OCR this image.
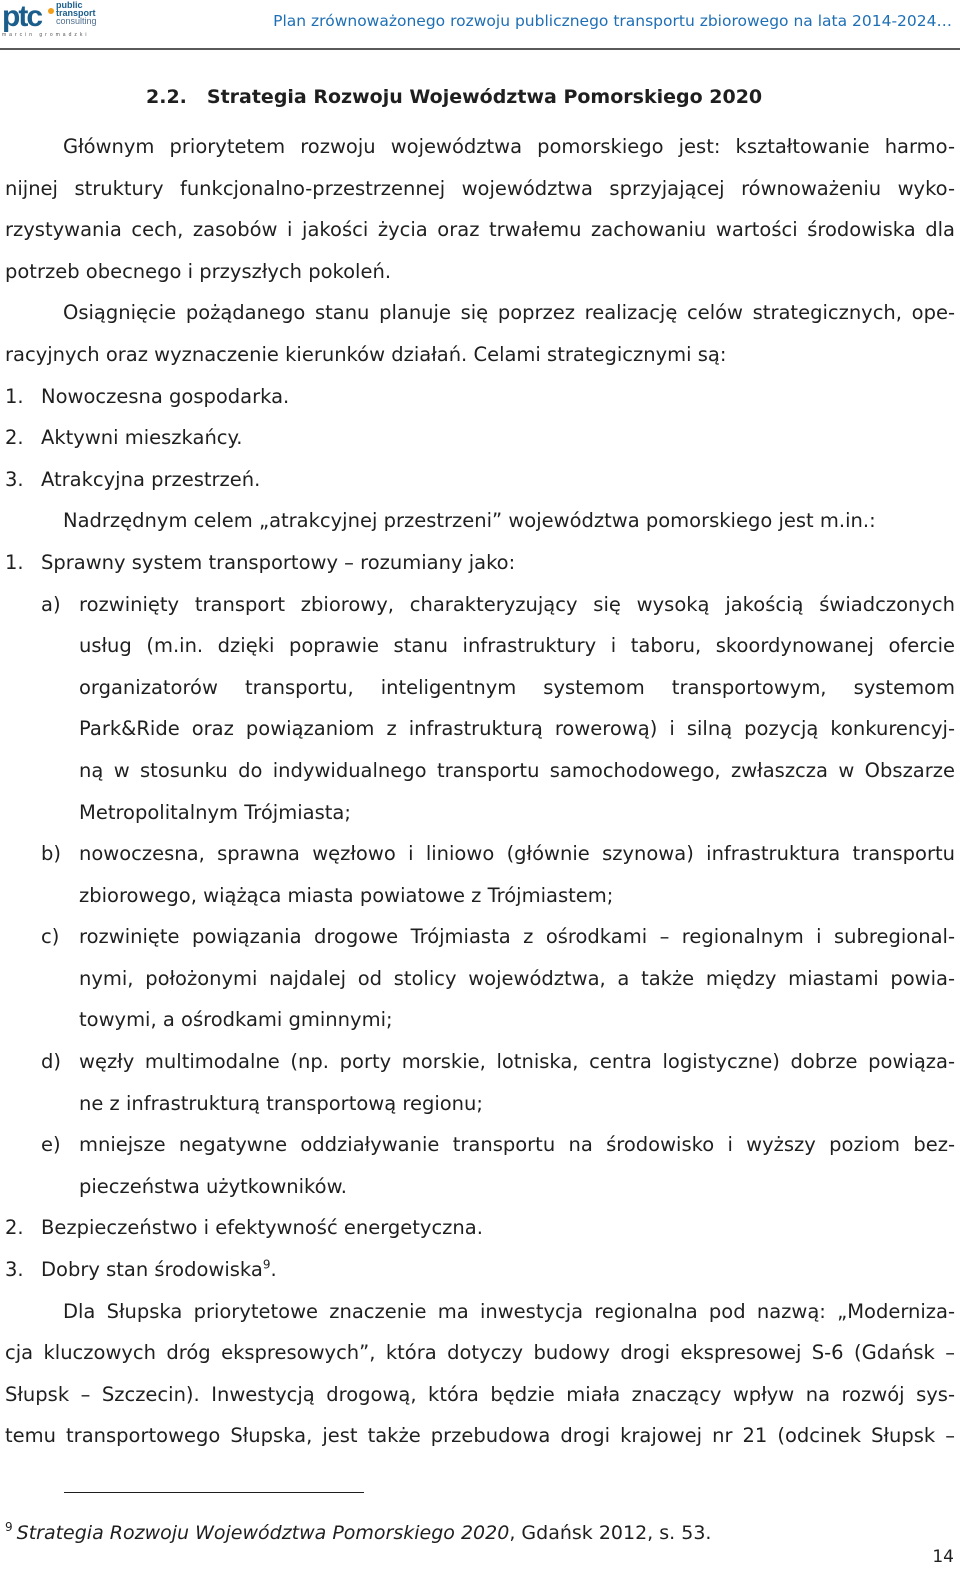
ptc public
transport
consulting
marcin gromadzki
Plan zrównoważonego rozwoju publicznego transportu zbiorowego na lata 2014-2024…
2.2. Strategia Rozwoju Województwa Pomorskiego 2020
Głównym priorytetem rozwoju województwa pomorskiego jest: kształtowanie harmo-
nijnej struktury funkcjonalno-przestrzennej województwa sprzyjającej równoważeniu wyko-
rzystywania cech, zasobów i jakości życia oraz trwałemu zachowaniu wartości środowiska dla
potrzeb obecnego i przyszłych pokoleń.
Osiągnięcie pożądanego stanu planuje się poprzez realizację celów strategicznych, ope-
racyjnych oraz wyznaczenie kierunków działań. Celami strategicznymi są:
1. Nowoczesna gospodarka.
2. Aktywni mieszkańcy.
3. Atrakcyjna przestrzeń.
Nadrzędnym celem „atrakcyjnej przestrzeni” województwa pomorskiego jest m.in.:
1. Sprawny system transportowy – rozumiany jako:
a) rozwinięty transport zbiorowy, charakteryzujący się wysoką jakością świadczonych
usług (m.in. dzięki poprawie stanu infrastruktury i taboru, skoordynowanej ofercie
organizatorów transportu, inteligentnym systemom transportowym, systemom
Park&Ride oraz powiązaniom z infrastrukturą rowerową) i silną pozycją konkurencyj-
ną w stosunku do indywidualnego transportu samochodowego, zwłaszcza w Obszarze
Metropolitalnym Trójmiasta;
b) nowoczesna, sprawna węzłowo i liniowo (głównie szynowa) infrastruktura transportu
zbiorowego, wiążąca miasta powiatowe z Trójmiastem;
c)	rozwinięte powiązania drogowe Trójmiasta z ośrodkami – regionalnym i subregional-
nymi, położonymi najdalej od stolicy województwa, a także między miastami powia-
towymi, a ośrodkami gminnymi;
d) węzły multimodalne (np. porty morskie, lotniska, centra logistyczne) dobrze powiąza-
ne z infrastrukturą transportową regionu;
e) mniejsze negatywne oddziaływanie transportu na środowisko i wyższy poziom bez-
pieczeństwa użytkowników.
2. Bezpieczeństwo i efektywność energetyczna.
3. Dobry stan środowiska$^9$.
Dla Słupska priorytetowe znaczenie ma inwestycja regionalna pod nazwą: „Moderniza-
cja kluczowych dróg ekspresowych”, która dotyczy budowy drogi ekspresowej S-6 (Gdańsk –
Słupsk – Szczecin). Inwestycją drogową, która będzie miała znaczący wpływ na rozwój sys-
temu transportowego Słupska, jest także przebudowa drogi krajowej nr 21 (odcinek Słupsk –
$^9$ Strategia Rozwoju Województwa Pomorskiego 2020, Gdańsk 2012, s. 53.
14
